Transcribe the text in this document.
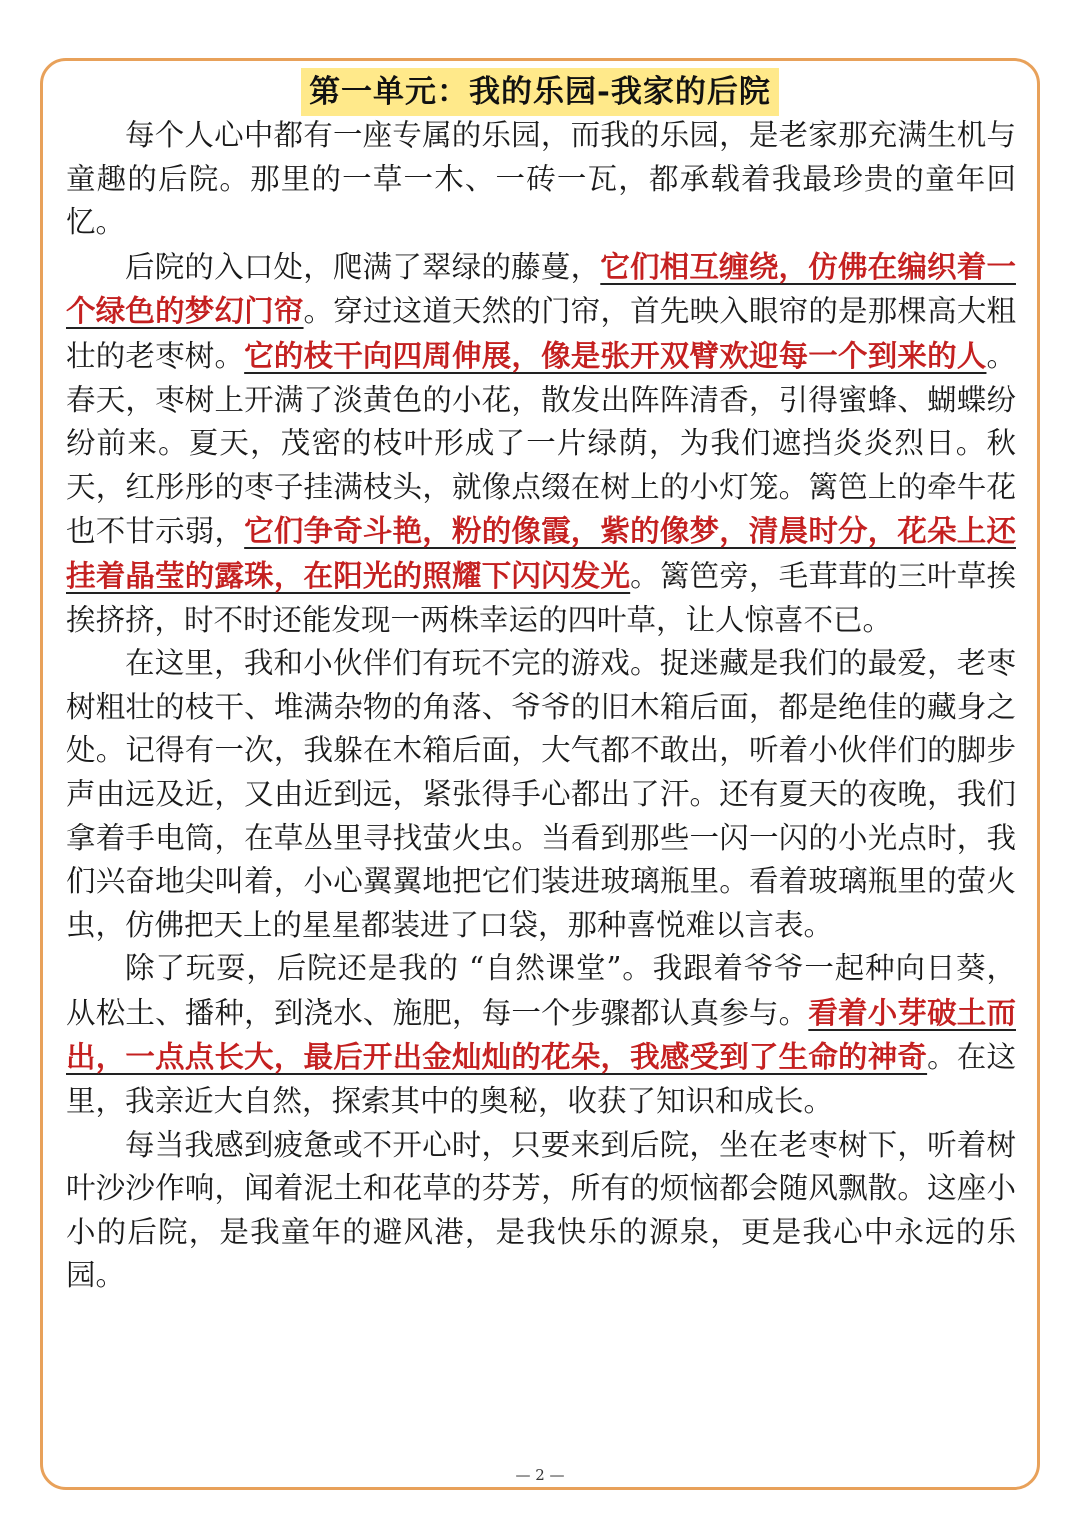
第一单元：我的乐园-我家的后院

每个人心中都有一座专属的乐园，而我的乐园，是老家那充满生机与童趣的后院。那里的一草一木、一砖一瓦，都承载着我最珍贵的童年回忆。

后院的入口处，爬满了翠绿的藤蔓，它们相互缠绕，仿佛在编织着一个绿色的梦幻门帘。穿过这道天然的门帘，首先映入眼帘的是那棵高大粗壮的老枣树。它的枝干向四周伸展，像是张开双臂欢迎每一个到来的人。春天，枣树上开满了淡黄色的小花，散发出阵阵清香，引得蜜蜂、蝴蝶纷纷前来。夏天，茂密的枝叶形成了一片绿荫，为我们遮挡炎炎烈日。秋天，红彤彤的枣子挂满枝头，就像点缀在树上的小灯笼。篱笆上的牵牛花也不甘示弱，它们争奇斗艳，粉的像霞，紫的像梦，清晨时分，花朵上还挂着晶莹的露珠，在阳光的照耀下闪闪发光。篱笆旁，毛茸茸的三叶草挨挨挤挤，时不时还能发现一两株幸运的四叶草，让人惊喜不已。

在这里，我和小伙伴们有玩不完的游戏。捉迷藏是我们的最爱，老枣树粗壮的枝干、堆满杂物的角落、爷爷的旧木箱后面，都是绝佳的藏身之处。记得有一次，我躲在木箱后面，大气都不敢出，听着小伙伴们的脚步声由远及近，又由近到远，紧张得手心都出了汗。还有夏天的夜晚，我们拿着手电筒，在草丛里寻找萤火虫。当看到那些一闪一闪的小光点时，我们兴奋地尖叫着，小心翼翼地把它们装进玻璃瓶里。看着玻璃瓶里的萤火虫，仿佛把天上的星星都装进了口袋，那种喜悦难以言表。

除了玩耍，后院还是我的 “自然课堂”。我跟着爷爷一起种向日葵，从松土、播种，到浇水、施肥，每一个步骤都认真参与。看着小芽破土而出，一点点长大，最后开出金灿灿的花朵，我感受到了生命的神奇。在这里，我亲近大自然，探索其中的奥秘，收获了知识和成长。

每当我感到疲惫或不开心时，只要来到后院，坐在老枣树下，听着树叶沙沙作响，闻着泥土和花草的芬芳，所有的烦恼都会随风飘散。这座小小的后院，是我童年的避风港，是我快乐的源泉，更是我心中永远的乐园。

— 2 —
